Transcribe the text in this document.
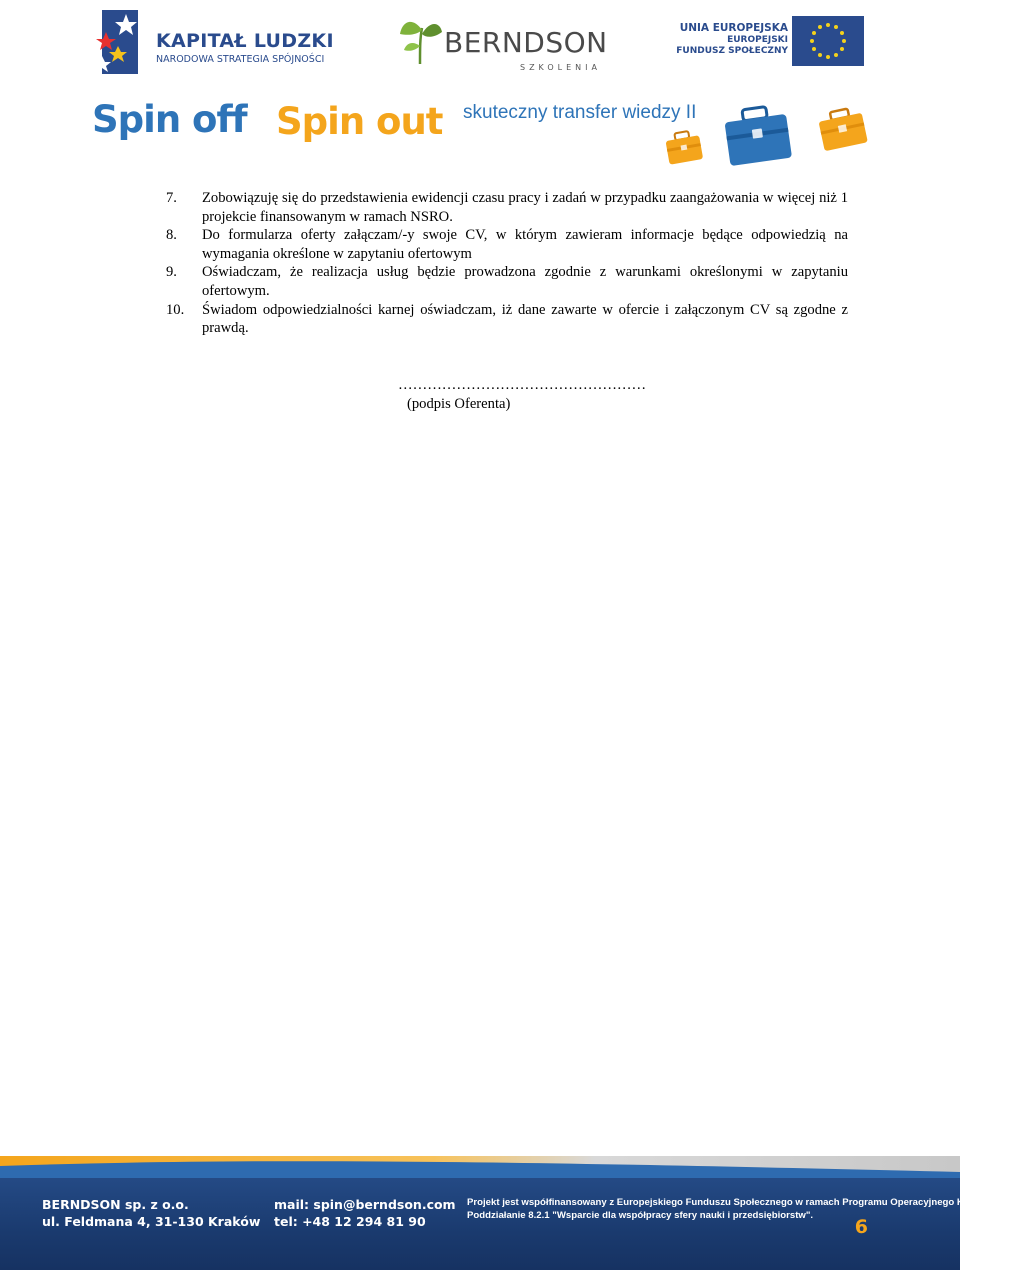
KAPITAŁ LUDZKI
NARODOWA STRATEGIA SPÓJNOŚCI
BERNDSON
SZKOLENIA
UNIA EUROPEJSKA
EUROPEJSKI
FUNDUSZ SPOŁECZNY
Spin off Spin out skuteczny transfer wiedzy II
7. Zobowiązuję się do przedstawienia ewidencji czasu pracy i zadań w przypadku zaangażowania w więcej niż 1 projekcie finansowanym w ramach NSRO.
8. Do formularza oferty załączam/-y swoje CV, w którym zawieram informacje będące odpowiedzią na wymagania określone w zapytaniu ofertowym
9. Oświadczam, że realizacja usług będzie prowadzona zgodnie z warunkami określonymi w zapytaniu ofertowym.
10. Świadom odpowiedzialności karnej oświadczam, iż dane zawarte w ofercie i załączonym CV są zgodne z prawdą.
……………………………………………
(podpis Oferenta)
BERNDSON sp. z o.o.
ul. Feldmana 4, 31-130 Kraków
mail: spin@berndson.com
tel: +48 12 294 81 90
Projekt jest współfinansowany z Europejskiego Funduszu Społecznego w ramach Programu Operacyjnego Kapitał Ludzki
Poddziałanie 8.2.1 "Wsparcie dla współpracy sfery nauki i przedsiębiorstw".
6
